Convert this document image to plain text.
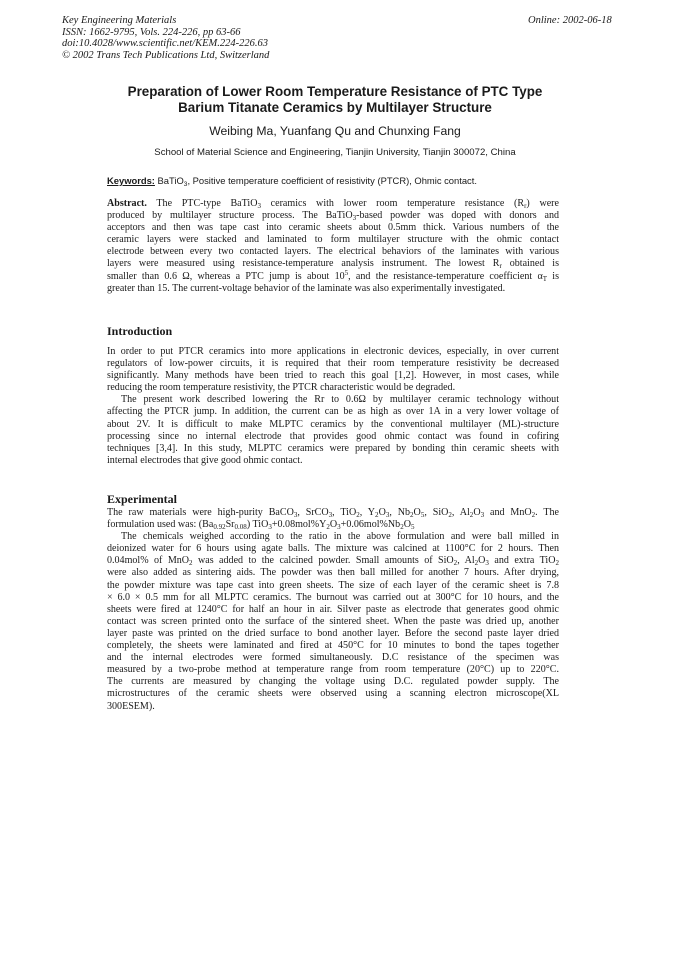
Key Engineering Materials
ISSN: 1662-9795, Vols. 224-226, pp 63-66
doi:10.4028/www.scientific.net/KEM.224-226.63
© 2002 Trans Tech Publications Ltd, Switzerland
Online: 2002-06-18
Preparation of Lower Room Temperature Resistance of PTC Type
Barium Titanate Ceramics by Multilayer Structure
Weibing Ma, Yuanfang Qu and Chunxing Fang
School of Material Science and Engineering, Tianjin University, Tianjin 300072, China
Keywords: BaTiO$_3$, Positive temperature coefficient of resistivity (PTCR), Ohmic contact.
Abstract. The PTC-type BaTiO$_3$ ceramics with lower room temperature resistance $(R_r)$ were
produced by multilayer structure process. The BaTiO$_3$-based powder was doped with donors and
acceptors and then was tape cast into ceramic sheets about 0.5mm thick. Various numbers of the
ceramic layers were stacked and laminated to form multilayer structure with the ohmic contact
electrode between every two contacted layers. The electrical behaviors of the laminates with various
layers were measured using resistance-temperature analysis instrument. The lowest $R_r$ obtained is
smaller than 0.6 Ω, whereas a PTC jump is about $10^5$, and the resistance-temperature coefficient $\alpha_T$ is
greater than 15. The current-voltage behavior of the laminate was also experimentally investigated.
Introduction
In order to put PTCR ceramics into more applications in electronic devices, especially, in over current
regulators of low-power circuits, it is required that their room temperature resistivity be decreased
significantly. Many methods have been tried to reach this goal [1,2]. However, in most cases, while
reducing the room temperature resistivity, the PTCR characteristic would be degraded.
The present work described lowering the Rr to 0.6Ω by multilayer ceramic technology without
affecting the PTCR jump. In addition, the current can be as high as over 1A in a very lower voltage of
about 2V. It is difficult to make MLPTC ceramics by the conventional multilayer (ML)-structure
processing since no internal electrode that provides good ohmic contact was found in cofiring
techniques [3,4]. In this study, MLPTC ceramics were prepared by bonding thin ceramic sheets with
internal electrodes that give good ohmic contact.
Experimental
The raw materials were high-purity BaCO$_3$, SrCO$_3$, TiO$_2$, $Y_2O_3$, $Nb_2O_5$, SiO$_2$, $Al_2O_3$ and MnO$_2$. The
formulation used was: $(Ba_{0.92}Sr_{0.08})$ $TiO_3+0.08mol\%Y_2O_3+0.06mol\%Nb_2O_5$
The chemicals weighed according to the ratio in the above formulation and were ball milled in
deionized water for 6 hours using agate balls. The mixture was calcined at 1100°C for 2 hours. Then
0.04mol% of MnO$_2$ was added to the calcined powder. Small amounts of SiO$_2$, $Al_2O_3$ and extra TiO$_2$
were also added as sintering aids. The powder was then ball milled for another 7 hours. After drying,
the powder mixture was tape cast into green sheets. The size of each layer of the ceramic sheet is 7.8
× 6.0 × 0.5 mm for all MLPTC ceramics. The burnout was carried out at 300°C for 10 hours, and the
sheets were fired at 1240°C for half an hour in air. Silver paste as electrode that generates good ohmic
contact was screen printed onto the surface of the sintered sheet. When the paste was dried up, another
layer paste was printed on the dried surface to bond another layer. Before the second paste layer dried
completely, the sheets were laminated and fired at 450°C for 10 minutes to bond the tapes together
and the internal electrodes were formed simultaneously. D.C resistance of the specimen was
measured by a two-probe method at temperature range from room temperature (20°C) up to 220°C.
The currents are measured by changing the voltage using D.C. regulated powder supply. The
microstructures of the ceramic sheets were observed using a scanning electron microscope(XL
300ESEM).
